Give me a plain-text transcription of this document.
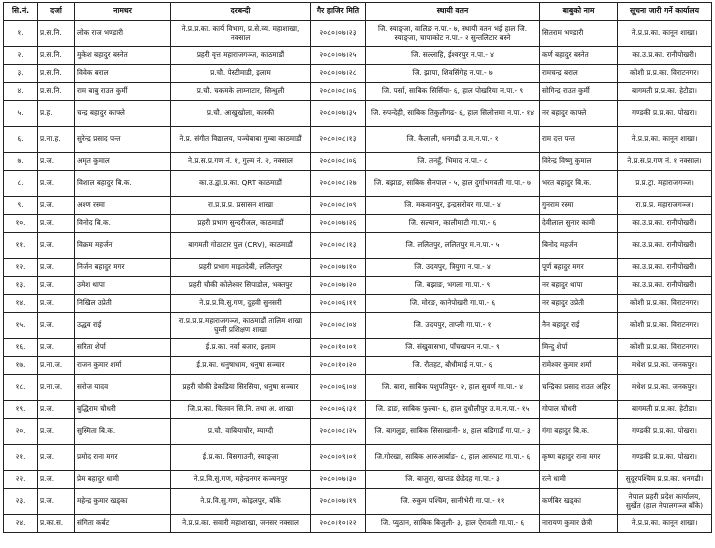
सि.नं.	दर्जा	नामथर	दरबन्दी	गैर हाजिर मिति	स्थायी वतन	बाबुको नाम	सूचना जारी गर्ने कार्यालय
१.	प्र.स.नि.	लोक राज भण्डारी	ने.प्र.प्र.का. कार्य विभाग, प्र.से.व्य. महाशाखा, नक्साल	२०८०।०७।२३	जि. स्याङ्जा, वालिङ न.पा.- ७, स्थायी वतन भई हाल जि. स्याङ्जा, चापाकोट न.पा.- २ सुन्तलिटार बस्ने	सितराम भण्डारी	ने.प्र.प्र.का. कानून शाखा।
२.	प्र.स.नि.	मुकेश बहादुर बस्नेत	प्रहरी वृत्त महाराजगञ्ज, काठमाडौं	२०८०।०७।२५	जि. सल्लाहि, ईश्वरपुर न.पा.- ४	कर्ण बहादुर बस्नेत	का.उ.प्र.का. रानीपोखरी।
३.	प्र.स.नि.	विवेक बराल	प्र.चौ. पेस्टीमाडी, इलाम	२०८०।०७।२८	जि. झापा, शिवसिंगेह न.पा.- ७	रामचन्द्र बराल	कोशी प्र.प्र.का. विराटनगर।
४.	प्र.स.नि.	राम बाबु राउत कुर्मी	प्र.चौ. चकमके लाम्नाटार, सिन्धुली	२०८०।०८।०६	जि. पर्सा, साबिक सिर्सिया- ६, हाल पोखरिया न.पा.- ९	सोगिन्द्र राउत कुर्मी	बागमती प्र.प्र.का. हेटौडा।
५.	प्र.ह.	चन्द्र बहादुर काफ्ले	प्र.चौ. आखुखोला, कास्की	२०८०।०७।३५	जि. रुपन्देही, साबिक तिकुलीगढ- ६, हाल सिलोत्तमा न.पा.- १४	नर बहादुर काफ्ले	गण्डकी प्र.प्र.का. पोखरा।
६.	प्र.ना.ह.	सुरेन्द्र प्रसाद पन्त	ने.प्र. संगीत विद्यालय, पञ्चेबाबा गुम्बा काठमाडौं	२०८०।०८।१३	जि. कैलाली, धनगढी उ.म.न.पा.- १	राम दत्त पन्त	ने.प्र.प्र.का. कानून शाखा।
७.	प्र.ज.	अमृत कुमाल	ने.प्र.स.प्र.गण नं. १, गुल्म नं. २, नक्साल	२०८०।०८।०६	जि. तनहुँ, भिमाद न.पा.- ८	विरेन्द्र विष्णु कुमाल	ने.प्र.स.प्र.गण नं. १ नक्साल।
८.	प्र.ज.	विशाल बहादुर बि.क.	का.उ.द्वा.प्र.का. QRT काठमाडौं	२०८०।०८।२७	जि. बझाङ, साबिक सैनपाल - ५, हाल दुर्गाभगवती गा.पा.- ७	भरत बहादुर बि.क.	प्र.प्र.ट्रा. महाराजगञ्ज।
९.	प्र.ज.	अश्ण रस्मा	रा.प्र.प्र.प्र. प्रसासन शाखा	२०८०।०८।०९	जि. मकवानपुर, इन्द्रसरोवर गा.पा.- ४	गुनराम रस्मा	रा.प्र.प्र. महाराजगञ्ज।
१०.	प्र.ज.	विनोद बि.क.	प्रहरी प्रभाग सुन्दरीजल, काठमाडौं	२०८०।०७।२६	जि. सल्यान, कालीमाटी गा.पा.- ६	देवीलाल सुनार कामी	का.उ.प्र.का. रानीपोखरी।
११.	प्र.ज.	विक्रम महर्जन	बागमती गोठाटार पुल (CRV), काठमाडौं	२०८०।०८।१३	जि. ललितपुर, ललितपुर म.न.पा.- ५	बिनोद महर्जन	का.उ.प्र.का. रानीपोखरी।
१२.	प्र.ज.	निर्जन बहादुर मगर	प्रहरी प्रभाग माइतदेबी, ललितपुर	२०८०।०७।१०	जि. उदयपुर, त्रियुगा न.पा.- ४	पूर्ण बहादुर मगर	का.उ.प्र.का. रानीपोखरी।
१३.	प्र.ज.	उमेश थापा	प्रहरी चौकी कोलेश्वर सिपाडोल, भक्तपुर	२०८०।०७।२०	जि. बझाङ, भगला गा.पा.- ९	नर बहादुर थापा	का.उ.प्र.का. रानीपोखरी।
१४.	प्र.ज.	निखिल उप्रेती	ने.प्र.प्र.वि.सु.गण, दुहवी सुनसरी	२०८०।०६।११	जि. मोरङ, कानेपोखरी गा.पा.- ६	नर बहादुर उप्रेती	कोशी प्र.प्र.का. विराटनगर।
१५.	प्र.ज.	उद्धव राई	रा.प्र.प्र.प्र.महाराजगञ्ज, काठमाडौं तालिम शाखा घुम्ती प्रशिक्षण शाखा	२०८०।०८।०४	जि. उदयपुर, ताप्ली गा.पा.- १	नैन बहादुर राई	कोशी प्र.प्र.का. विराटनगर।
१६.	प्र.ज.	सरिता शेर्पा	ई.प्र.का. नर्वा बजार, इलाम	२०८०।१०।०१	जि. संखुवासभा, पाँचखपन न.पा.- ९	मिन्दु शेर्पा	कोशी प्र.प्र.का. विराटनगर।
१७.	प्र.ना.ज.	राजन कुमार शर्मा	ई.प्र.का. धनुषाधाम, धनुषा सञ्चार	२०८०।१०।२०	जि. रौतहट, बौधीमाई न.पा.- ६	रामेश्वर कुमार शर्मा	मधेश प्र.प्र.का. जनकपुर।
१८.	प्र.ना.ज.	सरोज यादव	प्रहरी चौकी डेकडिया सिरसिया, धनुषा सञ्चार	२०८०।०६।०४	जि. बारा, साबिक पशुपतिपुर- २, हाल सुवर्ण गा.पा.- ४	चन्द्रिका प्रसाद राउत अहिर	मधेश प्र.प्र.का. जनकपुर।
१९.	प्र.ज.	बुद्धिराम चौधरी	जि.प्र.का. चितवन सि.नि. तथा अ. शाखा	२०८०।०६।३१	जि. डाङ, साबिक फुल्वा- ६, हाल दुधौलीपुर उ.म.न.पा.- १५	गोपाल चौधरी	बागमती प्र.प्र.का. हेटौडा।
२०.	प्र.ज.	सुस्मिता बि.क.	प्र.चौ. वाबियाचौर, म्याग्दी	२०८०।०८।२५	जि. बागलुङ, साबिक सिसाखानी- ४, हाल बडिगाडँ गा.पा.- ३	गंगा बहादुर बि.क.	गण्डकी प्र.प्र.का. पोखरा।
२१.	प्र.ज.	प्रमोद राना मगर	ई.प्र.का. विसगाउनी, स्याङ्जा	२०८०।०९।०१	जि.गोरखा, साबिक आरुआर्बाङ- ८, हाल आरुघाट गा.पा.- ६	कृष्ण बहादुर राना मगर	गण्डकी प्र.प्र.का. पोखरा।
२२.	प्र.ज.	प्रेम बहादुर धामी	ने.प्र.वि.सु.गण, महेन्द्रनगर कञ्चनपुर	२०८०।०७।३०	जि. बाजुरा, खप्तड छेडेदह गा.पा.- ३	रत्ने धामी	सुदूरपश्चिम प्र.प्र.का. धनगढी।
२३.	प्र.ज.	महेन्द्र कुमार खड्का	ने.प्र.वि.सु.गण, कोइलपुर, बाँके	२०८०।०७।१९	जि. रुकुम पश्चिम, सानीभेरी गा.पा.- ११	कर्णबिर खड्का	नेपाल प्रहरी प्रदेश कार्यालय, सुर्खेत (हाल नेपालगञ्ज बाँके)
२४.	प्र.का.स.	संगिता कर्बट	ने.प्र.प्र.का. सवारी महाशाखा, जनसर नक्साल	२०८०।१०।२२	जि. प्युठान, साबिक बिजुली- ३, हाल ऐरावती गा.पा.- ६	नारायण कुमार छेत्री	ने.प्र.प्र.का. कानून शाखा।
